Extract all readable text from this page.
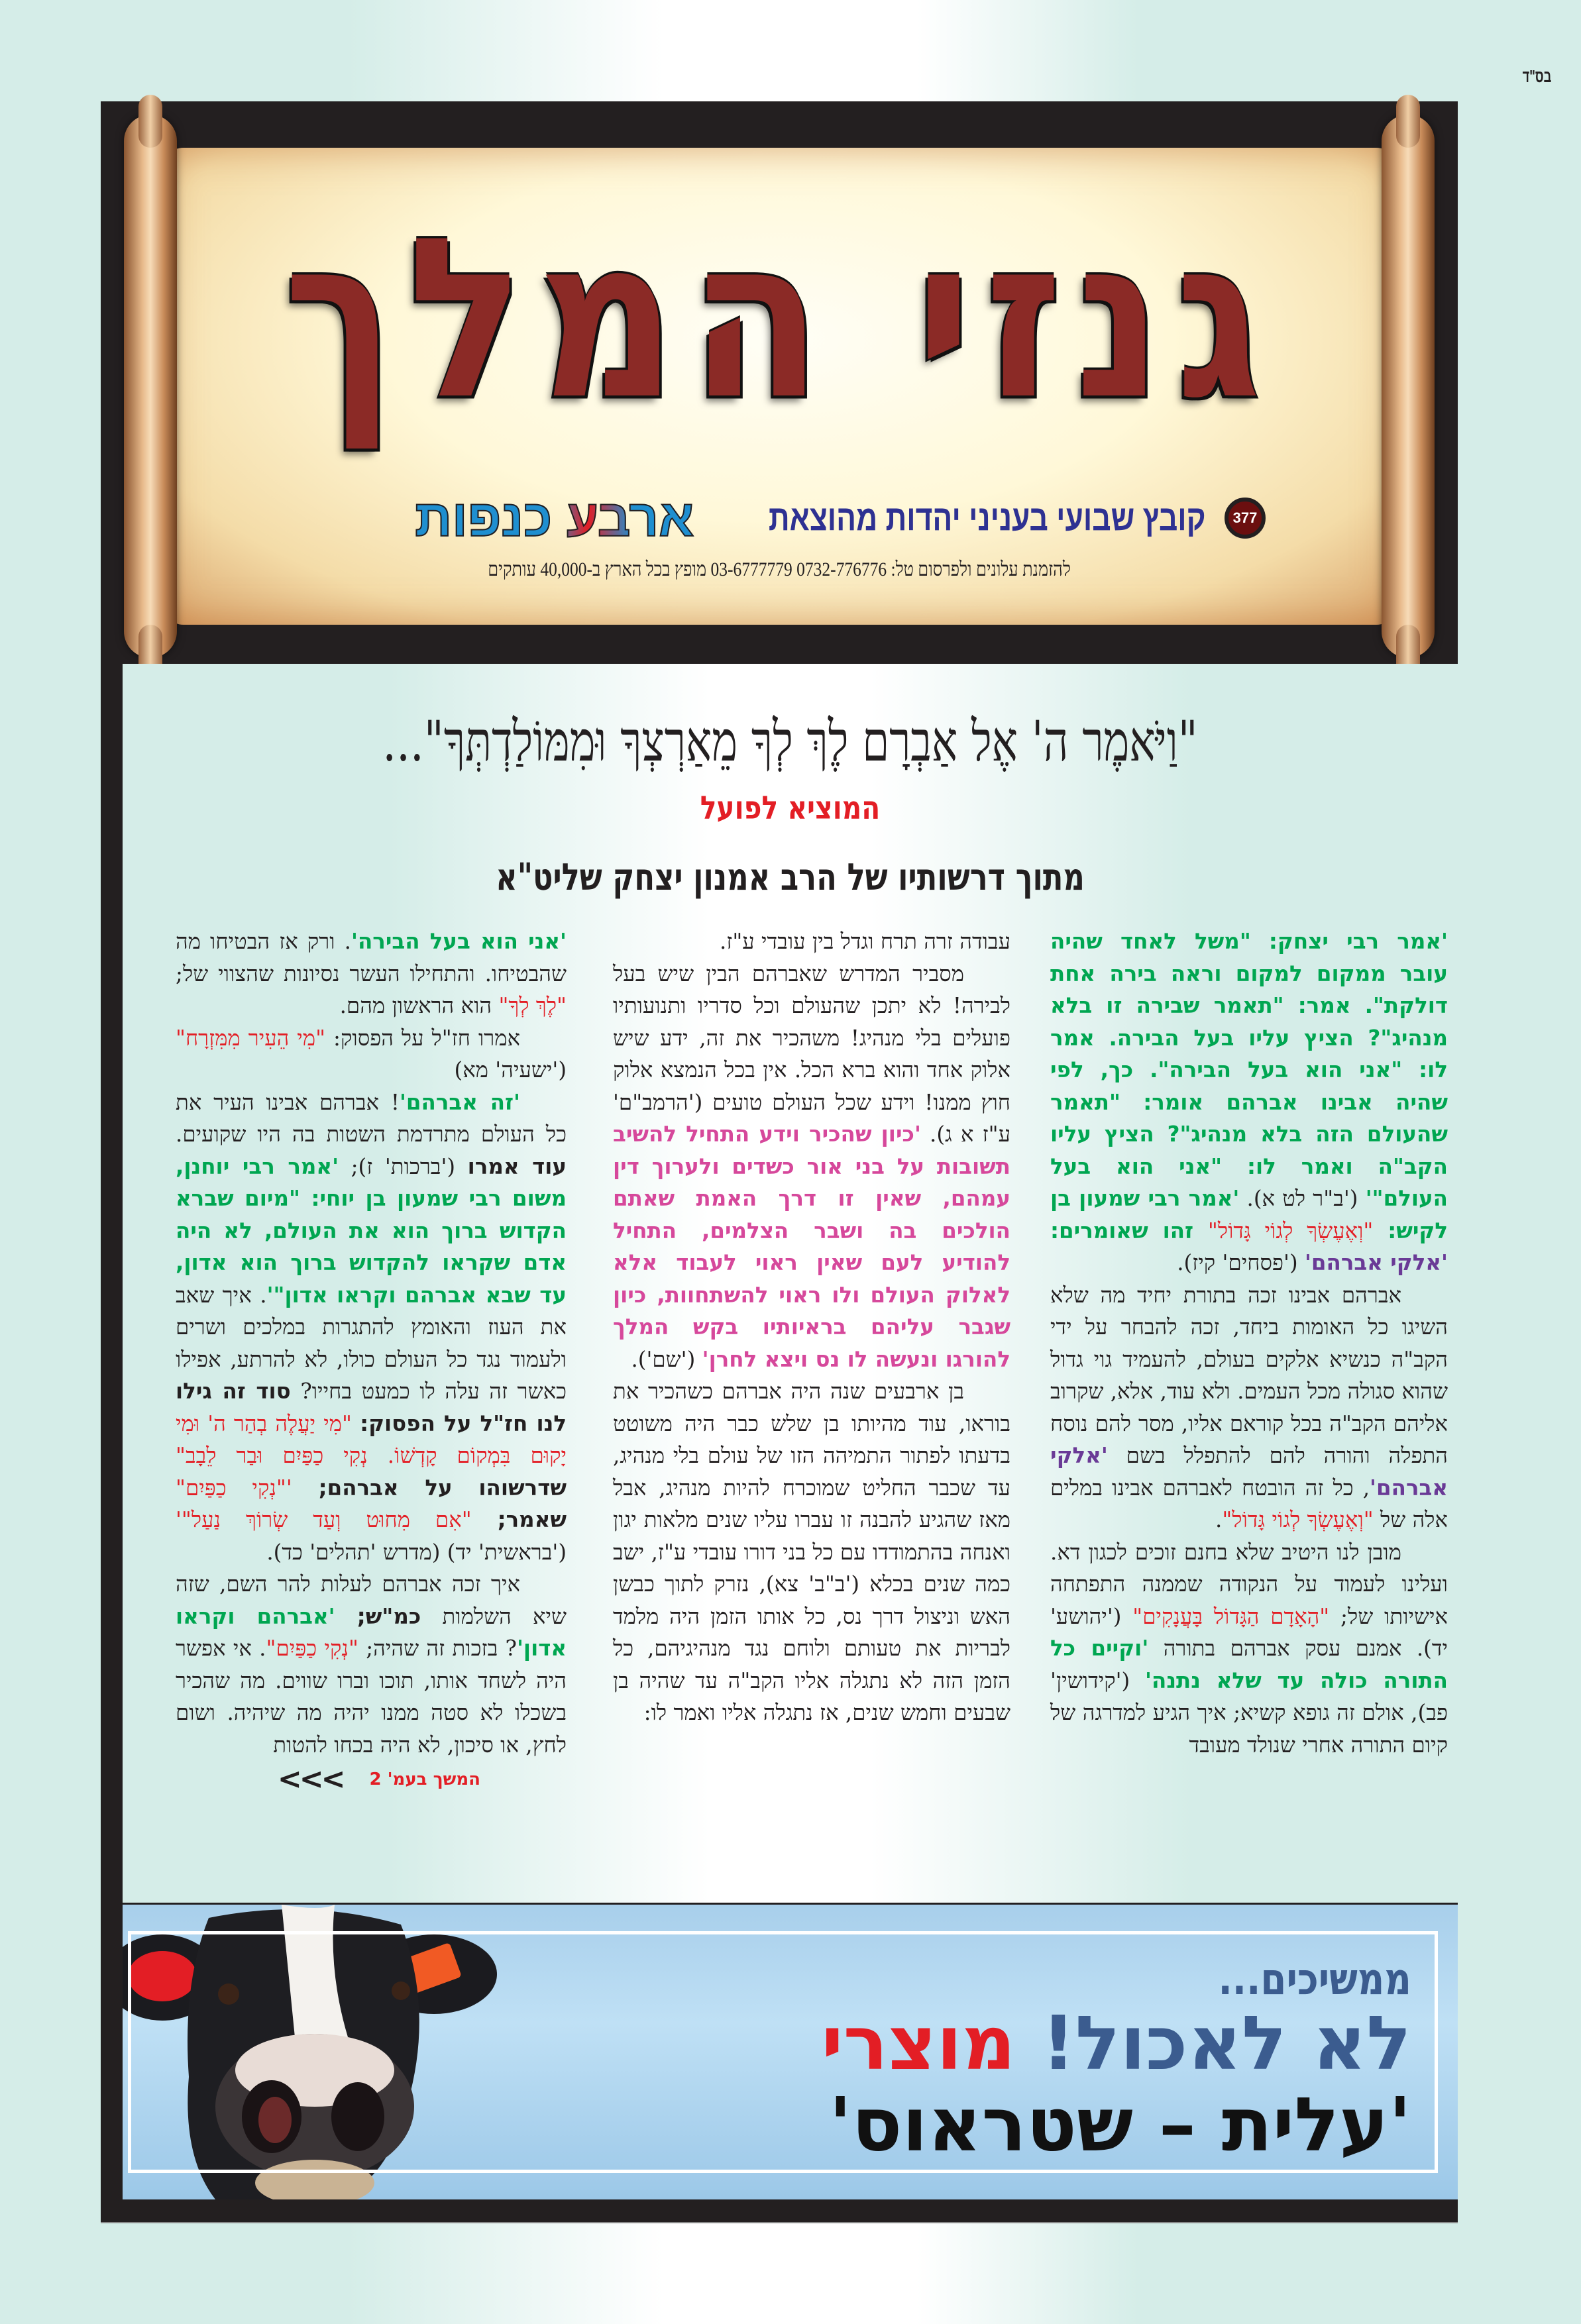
בס"ד
גנזי המלך
377
קובץ שבועי בעניני יהדות מהוצאת
ארבע כנפות
להזמנת עלונים ולפרסום טל: 0732-776776 03-6777779 מופץ בכל הארץ ב-40,000 עותקים
"וַיֹּאמֶר ה' אֶל אַבְרָם לֶךְ לְךָ מֵאַרְצְךָ וּמִמּוֹלַדְתְּךָ"...
המוציא לפועל
מתוך דרשותיו של הרב אמנון יצחק שליט"א

'אמר רבי יצחק: "משל לאחד שהיה עובר ממקום למקום וראה בירה אחת דולקת". אמר: "תאמר שבירה זו בלא מנהיג"? הציץ עליו בעל הבירה. אמר לו: "אני הוא בעל הבירה". כך, לפי שהיה אבינו אברהם אומר: "תאמר שהעולם הזה בלא מנהיג"? הציץ עליו הקב"ה ואמר לו: "אני הוא בעל העולם"' ('ב"ר לט א). 'אמר רבי שמעון בן לקיש: "וְאֶעֶשְׂךָ לְגוֹי גָּדוֹל" זהו שאומרים: 'אלקי אברהם' ('פסחים' קיז).

אברהם אבינו זכה בתורת יחיד מה שלא השיגו כל האומות ביחד, זכה להבחר על ידי הקב"ה כנשיא אלקים בעולם, להעמיד גוי גדול שהוא סגולה מכל העמים. ולא עוד, אלא, שקרוב אליהם הקב"ה בכל קוראם אליו, מסר להם נוסח התפלה והורה להם להתפלל בשם 'אלקי אברהם', כל זה הובטח לאברהם אבינו במלים אלה של "וְאֶעֶשְׂךָ לְגוֹי גָּדוֹל".

מובן לנו היטיב שלא בחנם זוכים לכגון דא. ועלינו לעמוד על הנקודה שממנה התפתחה אישיותו של; "הָאָדָם הַגָּדוֹל בָּעֲנָקִים" ('יהושע' יד). אמנם עסק אברהם בתורה 'וקיים כל התורה כולה עד שלא נתנה' ('קידושין' פב), אולם זה גופא קשיא; איך הגיע למדרגה של קיום התורה אחרי שנולד מעובד

עבודה זרה תרח וגדל בין עובדי ע"ז.

מסביר המדרש שאברהם הבין שיש בעל לבירה! לא יתכן שהעולם וכל סדריו ותנועותיו פועלים בלי מנהיג! משהכיר את זה, ידע שיש אלוק אחד והוא ברא הכל. אין בכל הנמצא אלוק חוץ ממנו! וידע שכל העולם טועים ('הרמב"ם' ע"ז א ג). 'כיון שהכיר וידע התחיל להשיב תשובות על בני אור כשדים ולערוך דין עמהם, שאין זו דרך האמת שאתם הולכים בה ושבר הצלמים, התחיל להודיע לעם שאין ראוי לעבוד אלא לאלוק העולם ולו ראוי להשתחוות, כיון שגבר עליהם בראיותיו בקש המלך להורגו ונעשה לו נס ויצא לחרן' ('שם').

בן ארבעים שנה היה אברהם כשהכיר את בוראו, עוד מהיותו בן שלש כבר היה משוטט בדעתו לפתור התמיהה הזו של עולם בלי מנהיג, עד שכבר החליט שמוכרח להיות מנהיג, אבל מאז שהגיע להבנה זו עברו עליו שנים מלאות יגון ואנחה בהתמודדו עם כל בני דורו עובדי ע"ז, ישב כמה שנים בכלא ('ב"ב' צא), נזרק לתוך כבשן האש וניצול דרך נס, כל אותו הזמן היה מלמד לבריות את טעותם ולוחם נגד מנהיגיהם, כל הזמן הזה לא נתגלה אליו הקב"ה עד שהיה בן שבעים וחמש שנים, אז נתגלה אליו ואמר לו:

'אני הוא בעל הבירה'. ורק אז הבטיחו מה שהבטיחו. והתחילו העשר נסיונות שהצווי של; "לֶךְ לְךָ" הוא הראשון מהם.

אמרו חז"ל על הפסוק: "מִי הֵעִיר מִמִּזְרָח" ('ישעיה' מא)

'זה אברהם'! אברהם אבינו העיר את כל העולם מתרדמת השטות בה היו שקועים. עוד אמרו ('ברכות' ז); 'אמר רבי יוחנן, משום רבי שמעון בן יוחי: "מיום שברא הקדוש ברוך הוא את העולם, לא היה אדם שקראו להקדוש ברוך הוא אדון, עד שבא אברהם וקראו אדון"'. איך שאב את העוז והאומץ להתגרות במלכים ושרים ולעמוד נגד כל העולם כולו, לא להרתע, אפילו כאשר זה עלה לו כמעט בחייו? סוד זה גילו לנו חז"ל על הפסוק: "מִי יַעֲלֶה בְהַר ה' וּמִי יָקוּם בִּמְקוֹם קָדְשׁוֹ. נְקִי כַפַּיִם וּבַר לֵבָב" שדרשוהו על אברהם; '"נְקִי כַפַּיִם" שאמר; "אִם מִחוּט וְעַד שְׂרוֹךְ נַעַל"' ('בראשית' יד) (מדרש 'תהלים' כד).

איך זכה אברהם לעלות להר השם, שזה שיא השלמות כמ"ש; 'אברהם וקראו אדון'? בזכות זה שהיה; "נְקִי כַפַּיִם". אי אפשר היה לשחד אותו, תוכו וברו שווים. מה שהכיר בשכלו לא סטה ממנו יהיה מה שיהיה. ושום לחץ, או סיכון, לא היה בכחו להטות

המשך בעמ' 2
<<<
ממשיכים...
לא לאכול! מוצרי
'עלית – שטראוס'
